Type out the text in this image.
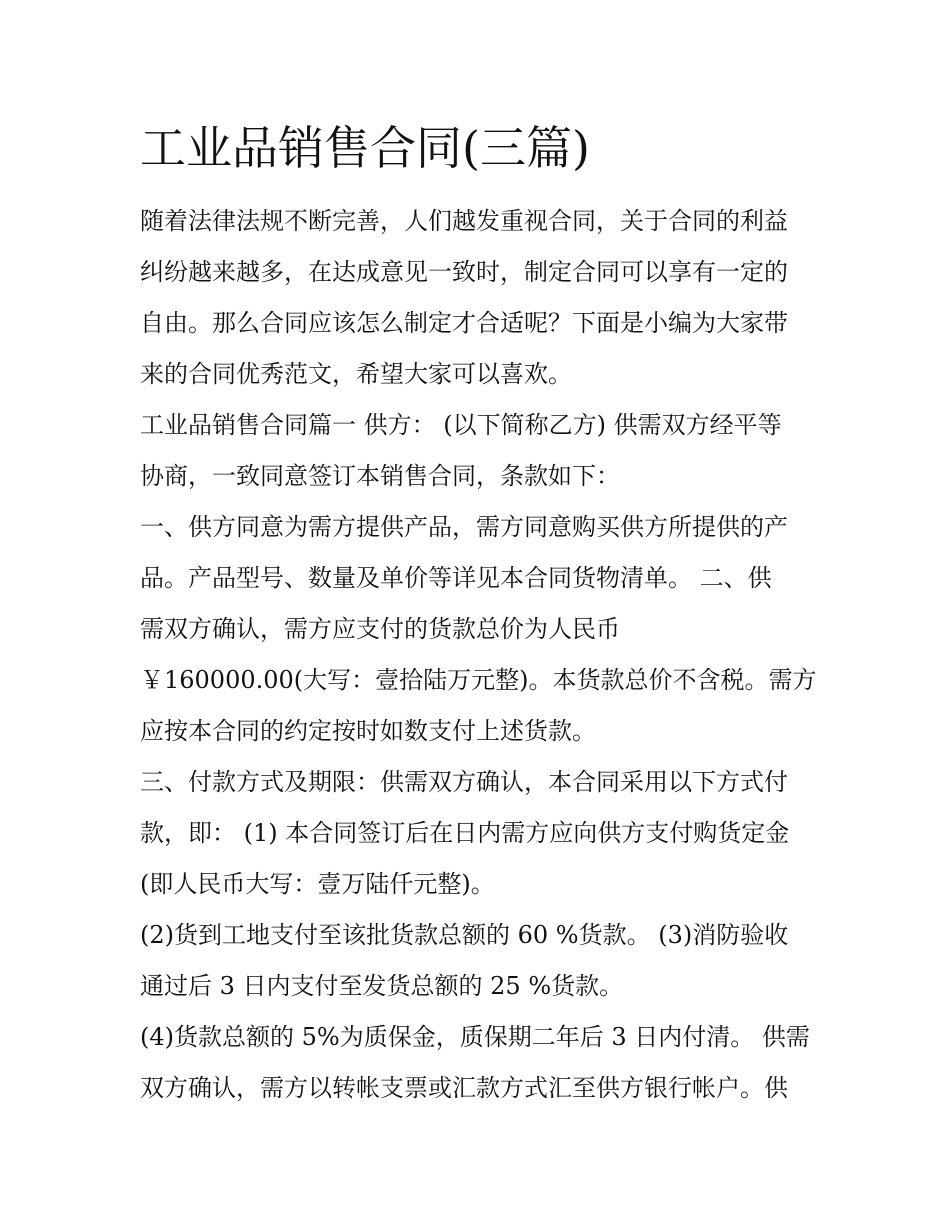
工业品销售合同(三篇)

随着法律法规不断完善，人们越发重视合同，关于合同的利益

纠纷越来越多，在达成意见一致时，制定合同可以享有一定的

自由。那么合同应该怎么制定才合适呢？下面是小编为大家带

来的合同优秀范文，希望大家可以喜欢。

工业品销售合同篇一 供方： (以下简称乙方) 供需双方经平等

协商，一致同意签订本销售合同，条款如下：

一、供方同意为需方提供产品，需方同意购买供方所提供的产

品。产品型号、数量及单价等详见本合同货物清单。 二、供

需双方确认，需方应支付的货款总价为人民币

￥160000.00(大写：壹拾陆万元整)。本货款总价不含税。需方

应按本合同的约定按时如数支付上述货款。

三、付款方式及期限：供需双方确认，本合同采用以下方式付

款，即： (1) 本合同签订后在日内需方应向供方支付购货定金

(即人民币大写：壹万陆仟元整)。

(2)货到工地支付至该批货款总额的 60 %货款。 (3)消防验收

通过后 3 日内支付至发货总额的 25 %货款。

(4)货款总额的 5%为质保金，质保期二年后 3 日内付清。 供需

双方确认，需方以转帐支票或汇款方式汇至供方银行帐户。供
